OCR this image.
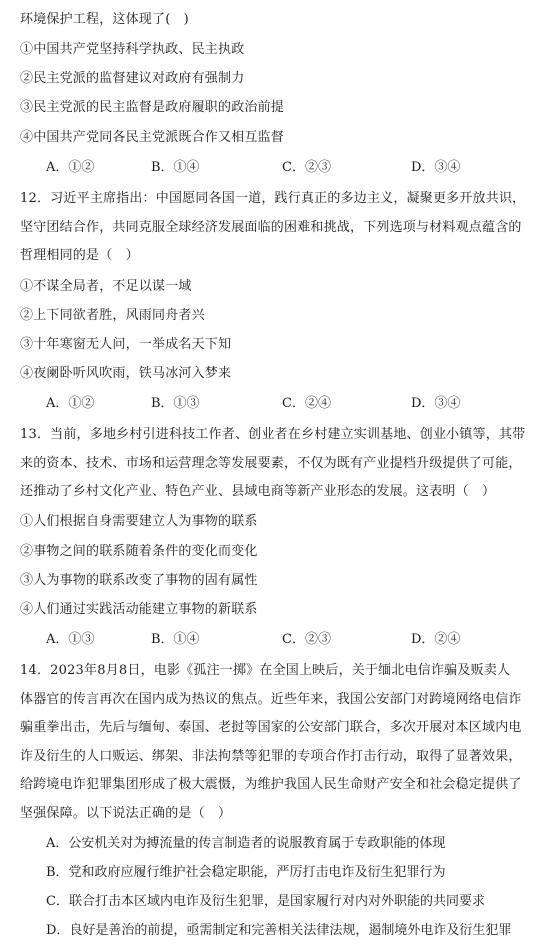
环境保护工程，这体现了(　)
①中国共产党坚持科学执政、民主执政
②民主党派的监督建议对政府有强制力
③民主党派的民主监督是政府履职的政治前提
④中国共产党同各民主党派既合作又相互监督
A．①②	B．①④	C．②③	D．③④
12．习近平主席指出：中国愿同各国一道，践行真正的多边主义，凝聚更多开放共识，
坚守团结合作，共同克服全球经济发展面临的困难和挑战，下列选项与材料观点蕴含的
哲理相同的是（　）
①不谋全局者，不足以谋一域
②上下同欲者胜，风雨同舟者兴
③十年寒窗无人问，一举成名天下知
④夜阑卧听风吹雨，铁马冰河入梦来
A．①②	B．①③	C．②④	D．③④
13．当前，多地乡村引进科技工作者、创业者在乡村建立实训基地、创业小镇等，其带
来的资本、技术、市场和运营理念等发展要素，不仅为既有产业提档升级提供了可能，
还推动了乡村文化产业、特色产业、县域电商等新产业形态的发展。这表明（　）
①人们根据自身需要建立人为事物的联系
②事物之间的联系随着条件的变化而变化
③人为事物的联系改变了事物的固有属性
④人们通过实践活动能建立事物的新联系
A．①③	B．①④	C．②③	D．②④
14．2023年8月8日，电影《孤注一掷》在全国上映后，关于缅北电信诈骗及贩卖人
体器官的传言再次在国内成为热议的焦点。近些年来，我国公安部门对跨境网络电信诈
骗重拳出击，先后与缅甸、泰国、老挝等国家的公安部门联合，多次开展对本区域内电
诈及衍生的人口贩运、绑架、非法拘禁等犯罪的专项合作打击行动，取得了显著效果，
给跨境电诈犯罪集团形成了极大震慑，为维护我国人民生命财产安全和社会稳定提供了
坚强保障。以下说法正确的是（　）
A．公安机关对为搏流量的传言制造者的说服教育属于专政职能的体现
B．党和政府应履行维护社会稳定职能，严厉打击电诈及衍生犯罪行为
C．联合打击本区域内电诈及衍生犯罪，是国家履行对内对外职能的共同要求
D．良好是善治的前提，亟需制定和完善相关法律法规，遏制境外电诈及衍生犯罪
